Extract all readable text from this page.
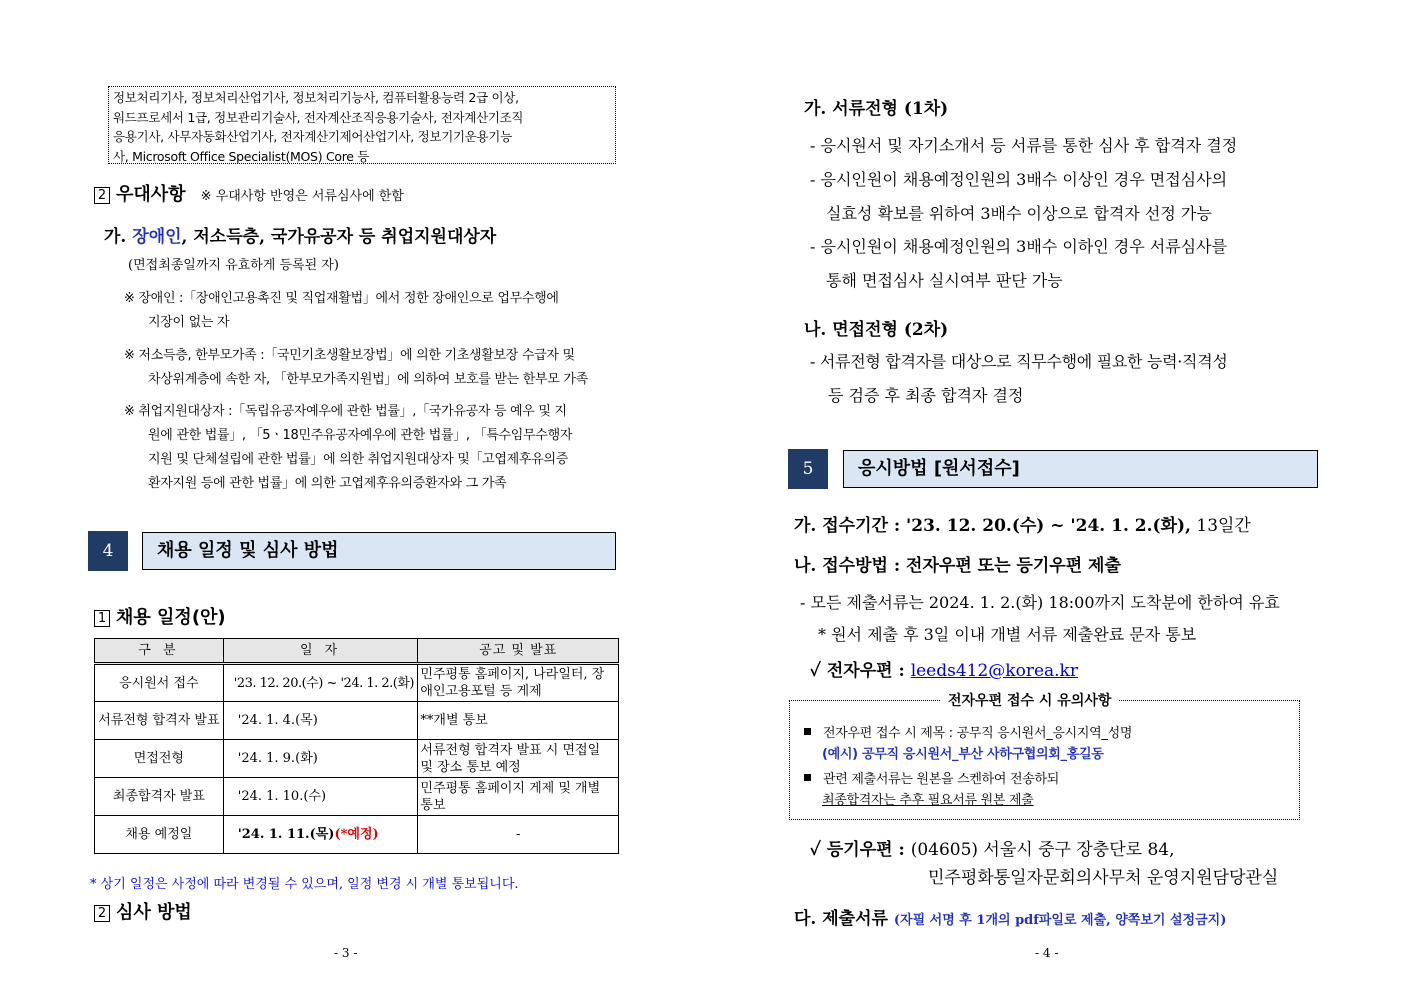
정보처리기사, 정보처리산업기사, 정보처리기능사, 컴퓨터활용능력 2급 이상,
워드프로세서 1급, 정보관리기술사, 전자계산조직응용기술사, 전자계산기조직
응용기사, 사무자동화산업기사, 전자계산기제어산업기사, 정보기기운용기능
사, Microsoft Office Specialist(MOS) Core 등
2 우대사항 ※ 우대사항 반영은 서류심사에 한함
가. 장애인, 저소득층, 국가유공자 등 취업지원대상자
(면접최종일까지 유효하게 등록된 자)
※ 장애인 :「장애인고용촉진 및 직업재활법」에서 정한 장애인으로 업무수행에
지장이 없는 자
※ 저소득층, 한부모가족 :「국민기초생활보장법」에 의한 기초생활보장 수급자 및
차상위계층에 속한 자, 「한부모가족지원법」에 의하여 보호를 받는 한부모 가족
※ 취업지원대상자 :「독립유공자예우에 관한 법률」,「국가유공자 등 예우 및 지
원에 관한 법률」, 「5ㆍ18민주유공자예우에 관한 법률」, 「특수임무수행자
지원 및 단체설립에 관한 법률」에 의한 취업지원대상자 및「고엽제후유의증
환자지원 등에 관한 법률」에 의한 고엽제후유의증환자와 그 가족
4	채용 일정 및 심사 방법
1 채용 일정(안)
구 분	일 자	공고 및 발표
응시원서 접수	'23. 12. 20.(수) ~ '24. 1. 2.(화)	민주평통 홈페이지, 나라일터, 장애인고용포털 등 게제
서류전형 합격자 발표	'24. 1. 4.(목)	**개별 통보
면접전형	'24. 1. 9.(화)	서류전형 합격자 발표 시 면접일 및 장소 통보 예정
최종합격자 발표	'24. 1. 10.(수)	민주평통 홈페이지 게제 및 개별 통보
채용 예정일	'24. 1. 11.(목)(*예정)	-
* 상기 일정은 사정에 따라 변경될 수 있으며, 일정 변경 시 개별 통보됩니다.
2 심사 방법
- 3 -
가. 서류전형 (1차)
- 응시원서 및 자기소개서 등 서류를 통한 심사 후 합격자 결정
- 응시인원이 채용예정인원의 3배수 이상인 경우 면접심사의
실효성 확보를 위하여 3배수 이상으로 합격자 선정 가능
- 응시인원이 채용예정인원의 3배수 이하인 경우 서류심사를
통해 면접심사 실시여부 판단 가능
나. 면접전형 (2차)
- 서류전형 합격자를 대상으로 직무수행에 필요한 능력·직격성
등 검증 후 최종 합격자 결정
5	응시방법 [원서접수]
가. 접수기간 : '23. 12. 20.(수) ~ '24. 1. 2.(화), 13일간
나. 접수방법 : 전자우편 또는 등기우편 제출
- 모든 제출서류는 2024. 1. 2.(화) 18:00까지 도착분에 한하여 유효
* 원서 제출 후 3일 이내 개별 서류 제출완료 문자 통보
✓ 전자우편 : leeds412@korea.kr
전자우편 접수 시 유의사항
전자우편 접수 시 제목 : 공무직 응시원서_응시지역_성명
(예시) 공무직 응시원서_부산 사하구협의회_홍길동
관련 제출서류는 원본을 스켄하여 전송하되
최종합격자는 추후 필요서류 원본 제출
✓ 등기우편 : (04605) 서울시 중구 장충단로 84,
민주평화통일자문회의사무처 운영지원담당관실
다. 제출서류 (자필 서명 후 1개의 pdf파일로 제출, 양쪽보기 설정금지)
- 4 -
